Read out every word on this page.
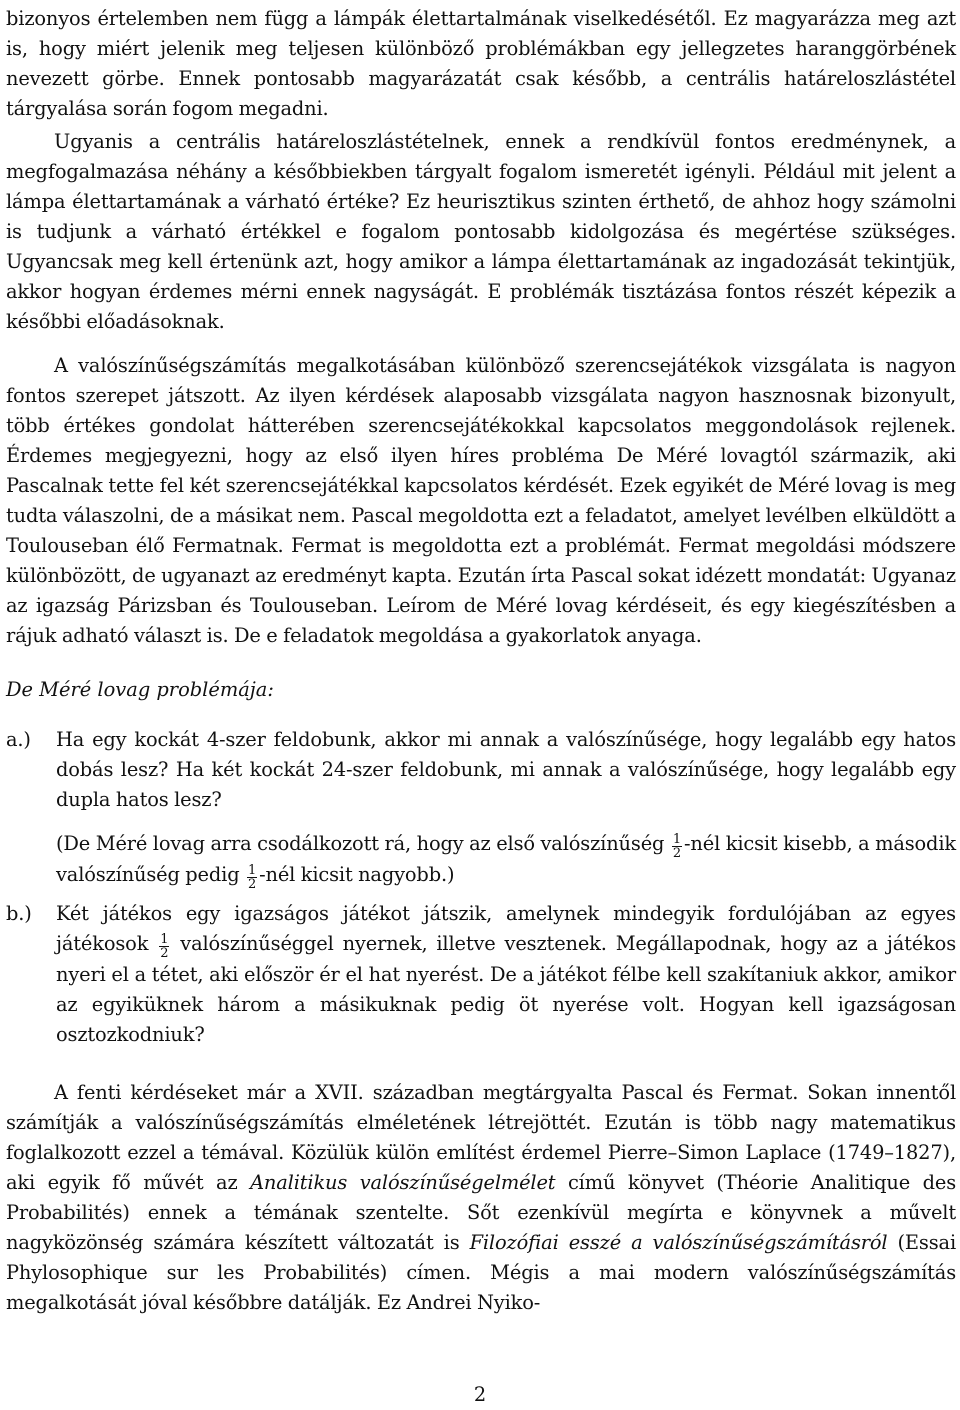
bizonyos értelemben nem függ a lámpák élettartalmának viselkedésétől. Ez magyarázza meg azt is, hogy miért jelenik meg teljesen különböző problémákban egy jellegzetes haranggörbének nevezett görbe. Ennek pontosabb magyarázatát csak később, a centrális határeloszlástétel tárgyalása során fogom megadni.

Ugyanis a centrális határeloszlástételnek, ennek a rendkívül fontos eredménynek, a megfogalmazása néhány a későbbiekben tárgyalt fogalom ismeretét igényli. Például mit jelent a lámpa élettartamának a várható értéke? Ez heurisztikus szinten érthető, de ahhoz hogy számolni is tudjunk a várható értékkel e fogalom pontosabb kidolgozása és megértése szükséges. Ugyancsak meg kell értenünk azt, hogy amikor a lámpa élettartamának az ingadozását tekintjük, akkor hogyan érdemes mérni ennek nagyságát. E problémák tisztázása fontos részét képezik a későbbi előadásoknak.

A valószínűségszámítás megalkotásában különböző szerencsejátékok vizsgálata is nagyon fontos szerepet játszott. Az ilyen kérdések alaposabb vizsgálata nagyon hasznosnak bizonyult, több értékes gondolat hátterében szerencsejátékokkal kapcsolatos meggondolások rejlenek. Érdemes megjegyezni, hogy az első ilyen híres probléma De Méré lovagtól származik, aki Pascalnak tette fel két szerencsejátékkal kapcsolatos kérdését. Ezek egyikét de Méré lovag is meg tudta válaszolni, de a másikat nem. Pascal megoldotta ezt a feladatot, amelyet levélben elküldött a Toulouseban élő Fermatnak. Fermat is megoldotta ezt a problémát. Fermat megoldási módszere különbözött, de ugyanazt az eredményt kapta. Ezután írta Pascal sokat idézett mondatát: Ugyanaz az igazság Párizsban és Toulouseban. Leírom de Méré lovag kérdéseit, és egy kiegészítésben a rájuk adható választ is. De e feladatok megoldása a gyakorlatok anyaga.

De Méré lovag problémája:

a.) Ha egy kockát 4-szer feldobunk, akkor mi annak a valószínűsége, hogy legalább egy hatos dobás lesz? Ha két kockát 24-szer feldobunk, mi annak a valószínűsége, hogy legalább egy dupla hatos lesz?

(De Méré lovag arra csodálkozott rá, hogy az első valószínűség $\frac{1}{2}$ -nél kicsit kisebb, a második valószínűség pedig $\frac{1}{2}$ -nél kicsit nagyobb.)

b.) Két játékos egy igazságos játékot játszik, amelynek mindegyik fordulójában az egyes játékosok $\frac{1}{2}$ valószínűséggel nyernek, illetve vesztenek. Megállapodnak, hogy az a játékos nyeri el a tétet, aki először ér el hat nyerést. De a játékot félbe kell szakítaniuk akkor, amikor az egyiküknek három a másikuknak pedig öt nyerése volt. Hogyan kell igazságosan osztozkodniuk?

A fenti kérdéseket már a XVII. században megtárgyalta Pascal és Fermat. Sokan innentől számítják a valószínűségszámítás elméletének létrejöttét. Ezután is több nagy matematikus foglalkozott ezzel a témával. Közülük külön említést érdemel Pierre–Simon Laplace (1749–1827), aki egyik fő művét az Analitikus valószínűségelmélet című könyvet (Théorie Analitique des Probabilités) ennek a témának szentelte. Sőt ezenkívül megírta e könyvnek a művelt nagyközönség számára készített változatát is Filozófiai esszé a valószínűségszámításról (Essai Phylosophique sur les Probabilités) címen. Mégis a mai modern valószínűségszámítás megalkotását jóval későbbre datálják. Ez Andrei Nyiko-

2
